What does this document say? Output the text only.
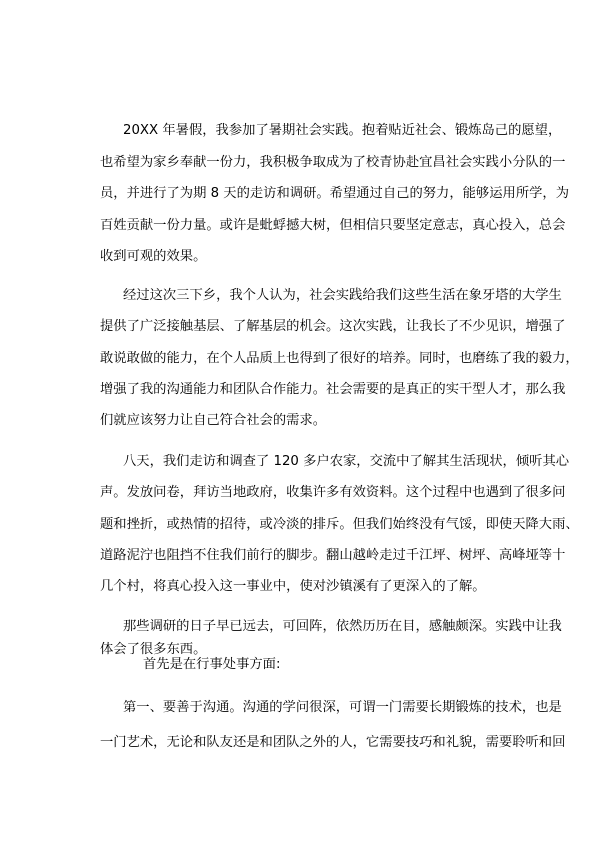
20XX 年暑假，我参加了暑期社会实践。抱着贴近社会、锻炼岛己的愿望，
也希望为家乡奉献一份力，我积极争取成为了校青协赴宜昌社会实践小分队的一
员，并进行了为期 8 天的走访和调研。希望通过自己的努力，能够运用所学，为
百姓贡献一份力量。或许是蚍蜉撼大树，但相信只要坚定意志，真心投入，总会
收到可观的效果。
经过这次三下乡，我个人认为，社会实践给我们这些生活在象牙塔的大学生
提供了广泛接触基层、了解基层的机会。这次实践，让我长了不少见识，增强了
敢说敢做的能力，在个人品质上也得到了很好的培养。同时，也磨练了我的毅力，
增强了我的沟通能力和团队合作能力。社会需要的是真正的实干型人才，那么我
们就应该努力让自己符合社会的需求。
八天，我们走访和调查了 120 多户农家，交流中了解其生活现状，倾听其心
声。发放问卷，拜访当地政府，收集许多有效资料。这个过程中也遇到了很多问
题和挫折，或热情的招待，或冷淡的排斥。但我们始终没有气馁，即使天降大雨、
道路泥泞也阻挡不住我们前行的脚步。翻山越岭走过千江坪、树坪、高峰垭等十
几个村，将真心投入这一事业中，使对沙镇溪有了更深入的了解。
那些调研的日子早已远去，可回阵，依然历历在目，感触颇深。实践中让我
体会了很多东西。
首先是在行事处事方面:
第一、要善于沟通。沟通的学问很深，可谓一门需要长期锻炼的技术，也是
一门艺术，无论和队友还是和团队之外的人，它需要技巧和礼貌，需要聆听和回
